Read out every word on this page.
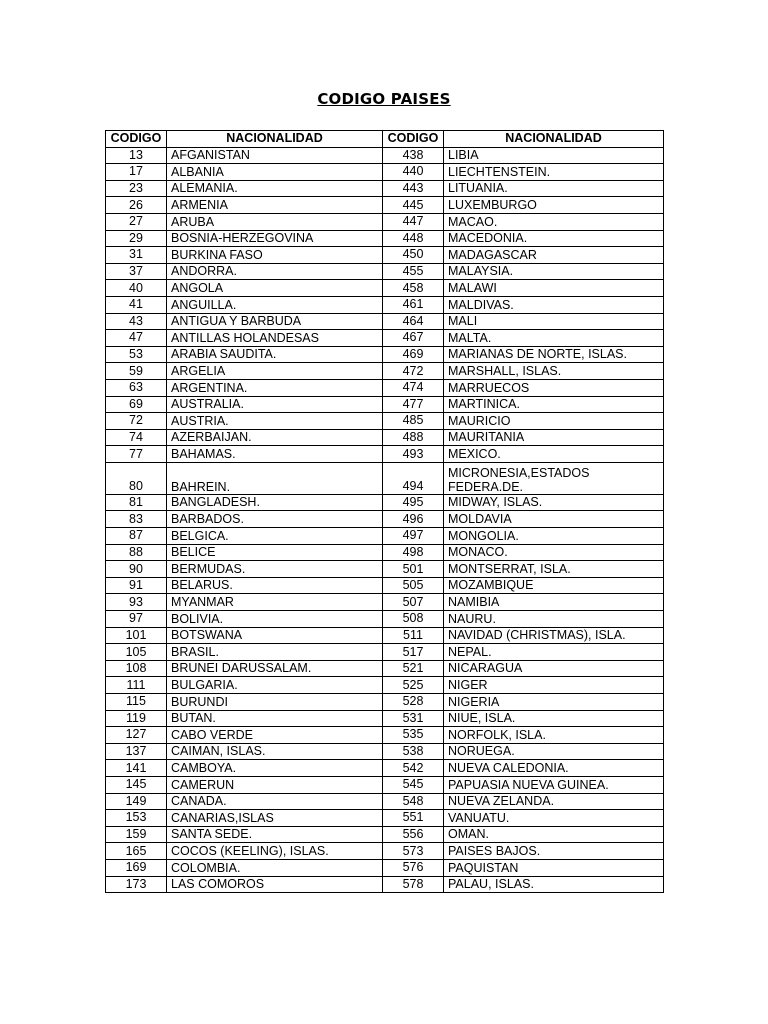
CODIGO PAISES
CODIGO	NACIONALIDAD	CODIGO	NACIONALIDAD
13	AFGANISTAN	438	LIBIA
17	ALBANIA	440	LIECHTENSTEIN.
23	ALEMANIA.	443	LITUANIA.
26	ARMENIA	445	LUXEMBURGO
27	ARUBA	447	MACAO.
29	BOSNIA-HERZEGOVINA	448	MACEDONIA.
31	BURKINA FASO	450	MADAGASCAR
37	ANDORRA.	455	MALAYSIA.
40	ANGOLA	458	MALAWI
41	ANGUILLA.	461	MALDIVAS.
43	ANTIGUA Y BARBUDA	464	MALI
47	ANTILLAS HOLANDESAS	467	MALTA.
53	ARABIA SAUDITA.	469	MARIANAS DE NORTE, ISLAS.
59	ARGELIA	472	MARSHALL, ISLAS.
63	ARGENTINA.	474	MARRUECOS
69	AUSTRALIA.	477	MARTINICA.
72	AUSTRIA.	485	MAURICIO
74	AZERBAIJAN.	488	MAURITANIA
77	BAHAMAS.	493	MEXICO.
80	BAHREIN.	494	MICRONESIA,ESTADOS FEDERA.DE.
81	BANGLADESH.	495	MIDWAY, ISLAS.
83	BARBADOS.	496	MOLDAVIA
87	BELGICA.	497	MONGOLIA.
88	BELICE	498	MONACO.
90	BERMUDAS.	501	MONTSERRAT, ISLA.
91	BELARUS.	505	MOZAMBIQUE
93	MYANMAR	507	NAMIBIA
97	BOLIVIA.	508	NAURU.
101	BOTSWANA	511	NAVIDAD (CHRISTMAS), ISLA.
105	BRASIL.	517	NEPAL.
108	BRUNEI DARUSSALAM.	521	NICARAGUA
111	BULGARIA.	525	NIGER
115	BURUNDI	528	NIGERIA
119	BUTAN.	531	NIUE, ISLA.
127	CABO VERDE	535	NORFOLK, ISLA.
137	CAIMAN, ISLAS.	538	NORUEGA.
141	CAMBOYA.	542	NUEVA CALEDONIA.
145	CAMERUN	545	PAPUASIA NUEVA GUINEA.
149	CANADA.	548	NUEVA ZELANDA.
153	CANARIAS,ISLAS	551	VANUATU.
159	SANTA SEDE.	556	OMAN.
165	COCOS (KEELING), ISLAS.	573	PAISES BAJOS.
169	COLOMBIA.	576	PAQUISTAN
173	LAS COMOROS	578	PALAU, ISLAS.
